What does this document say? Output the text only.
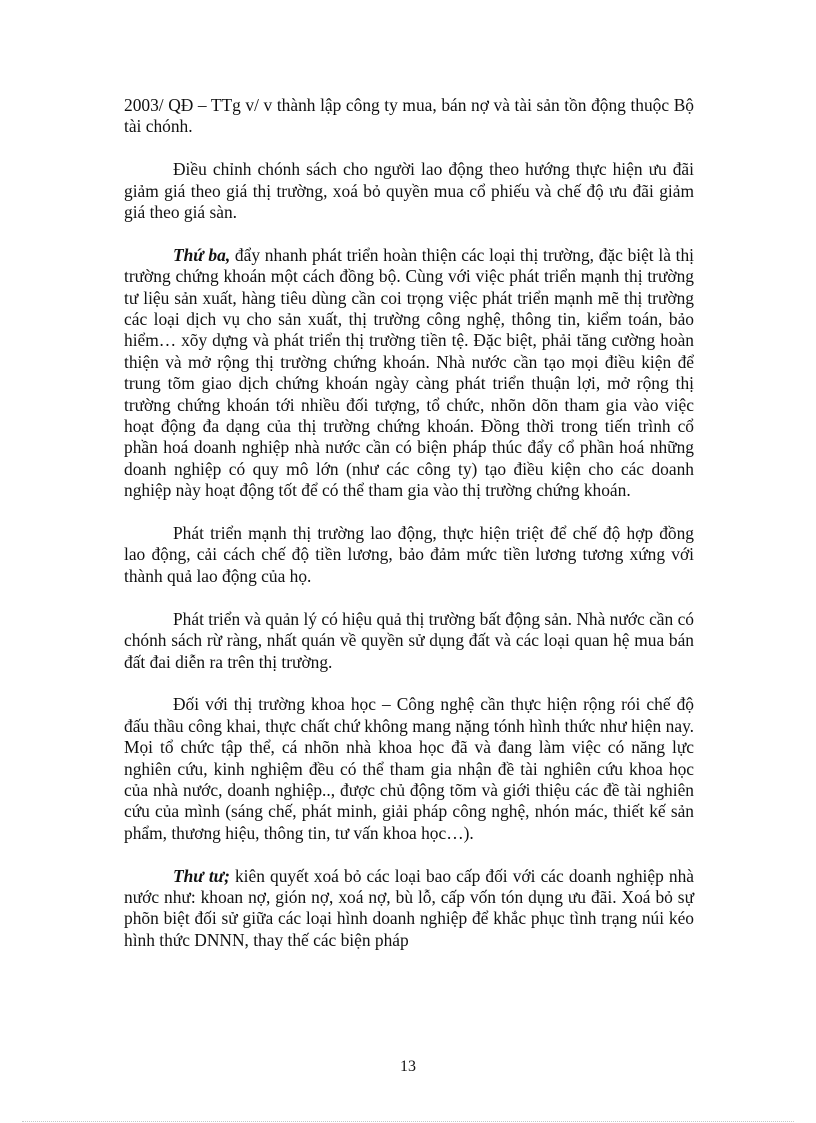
2003/ QĐ – TTg v/ v thành lập công ty mua, bán nợ và tài sản tồn động thuộc Bộ tài chónh.

Điều chỉnh chónh sách cho người lao động theo hướng thực hiện ưu đãi giảm giá theo giá thị trường, xoá bỏ quyền mua cổ phiếu và chế độ ưu đãi giảm giá theo giá sàn.

Thứ ba, đẩy nhanh phát triển hoàn thiện các loại thị trường, đặc biệt là thị trường chứng khoán một cách đồng bộ. Cùng với việc phát triển mạnh thị trường tư liệu sản xuất, hàng tiêu dùng cần coi trọng việc phát triển mạnh mẽ thị trường các loại dịch vụ cho sản xuất, thị trường công nghệ, thông tin, kiểm toán, bảo hiểm… xõy dựng và phát triển thị trường tiền tệ. Đặc biệt, phải tăng cường hoàn thiện và mở rộng thị trường chứng khoán. Nhà nước cần tạo mọi điều kiện để trung tõm giao dịch chứng khoán ngày càng phát triển thuận lợi, mở rộng thị trường chứng khoán tới nhiều đối tượng, tổ chức, nhõn dõn tham gia vào việc hoạt động đa dạng của thị trường chứng khoán. Đồng thời trong tiến trình cổ phần hoá doanh nghiệp nhà nước cần có biện pháp thúc đẩy cổ phần hoá những doanh nghiệp có quy mô lớn (như các công ty) tạo điều kiện cho các doanh nghiệp này hoạt động tốt để có thể tham gia vào thị trường chứng khoán.

Phát triển mạnh thị trường lao động, thực hiện triệt để chế độ hợp đồng lao động, cải cách chế độ tiền lương, bảo đảm mức tiền lương tương xứng với thành quả lao động của họ.

Phát triển và quản lý có hiệu quả thị trường bất động sản. Nhà nước cần có chónh sách rừ ràng, nhất quán về quyền sử dụng đất và các loại quan hệ mua bán đất đai diễn ra trên thị trường.

Đối với thị trường khoa học – Công nghệ cần thực hiện rộng rói chế độ đấu thầu công khai, thực chất chứ không mang nặng tónh hình thức như hiện nay. Mọi tổ chức tập thể, cá nhõn nhà khoa học đã và đang làm việc có năng lực nghiên cứu, kinh nghiệm đều có thể tham gia nhận đề tài nghiên cứu khoa học của nhà nước, doanh nghiệp.., được chủ động tõm và giới thiệu các đề tài nghiên cứu của mình (sáng chế, phát minh, giải pháp công nghệ, nhón mác, thiết kế sản phẩm, thương hiệu, thông tin, tư vấn khoa học…).

Thư tư; kiên quyết xoá bỏ các loại bao cấp đối với các doanh nghiệp nhà nước như: khoan nợ, gión nợ, xoá nợ, bù lỗ, cấp vốn tón dụng ưu đãi. Xoá bỏ sự phõn biệt đối sử giữa các loại hình doanh nghiệp để khắc phục tình trạng núi kéo hình thức DNNN, thay thế các biện pháp

13
